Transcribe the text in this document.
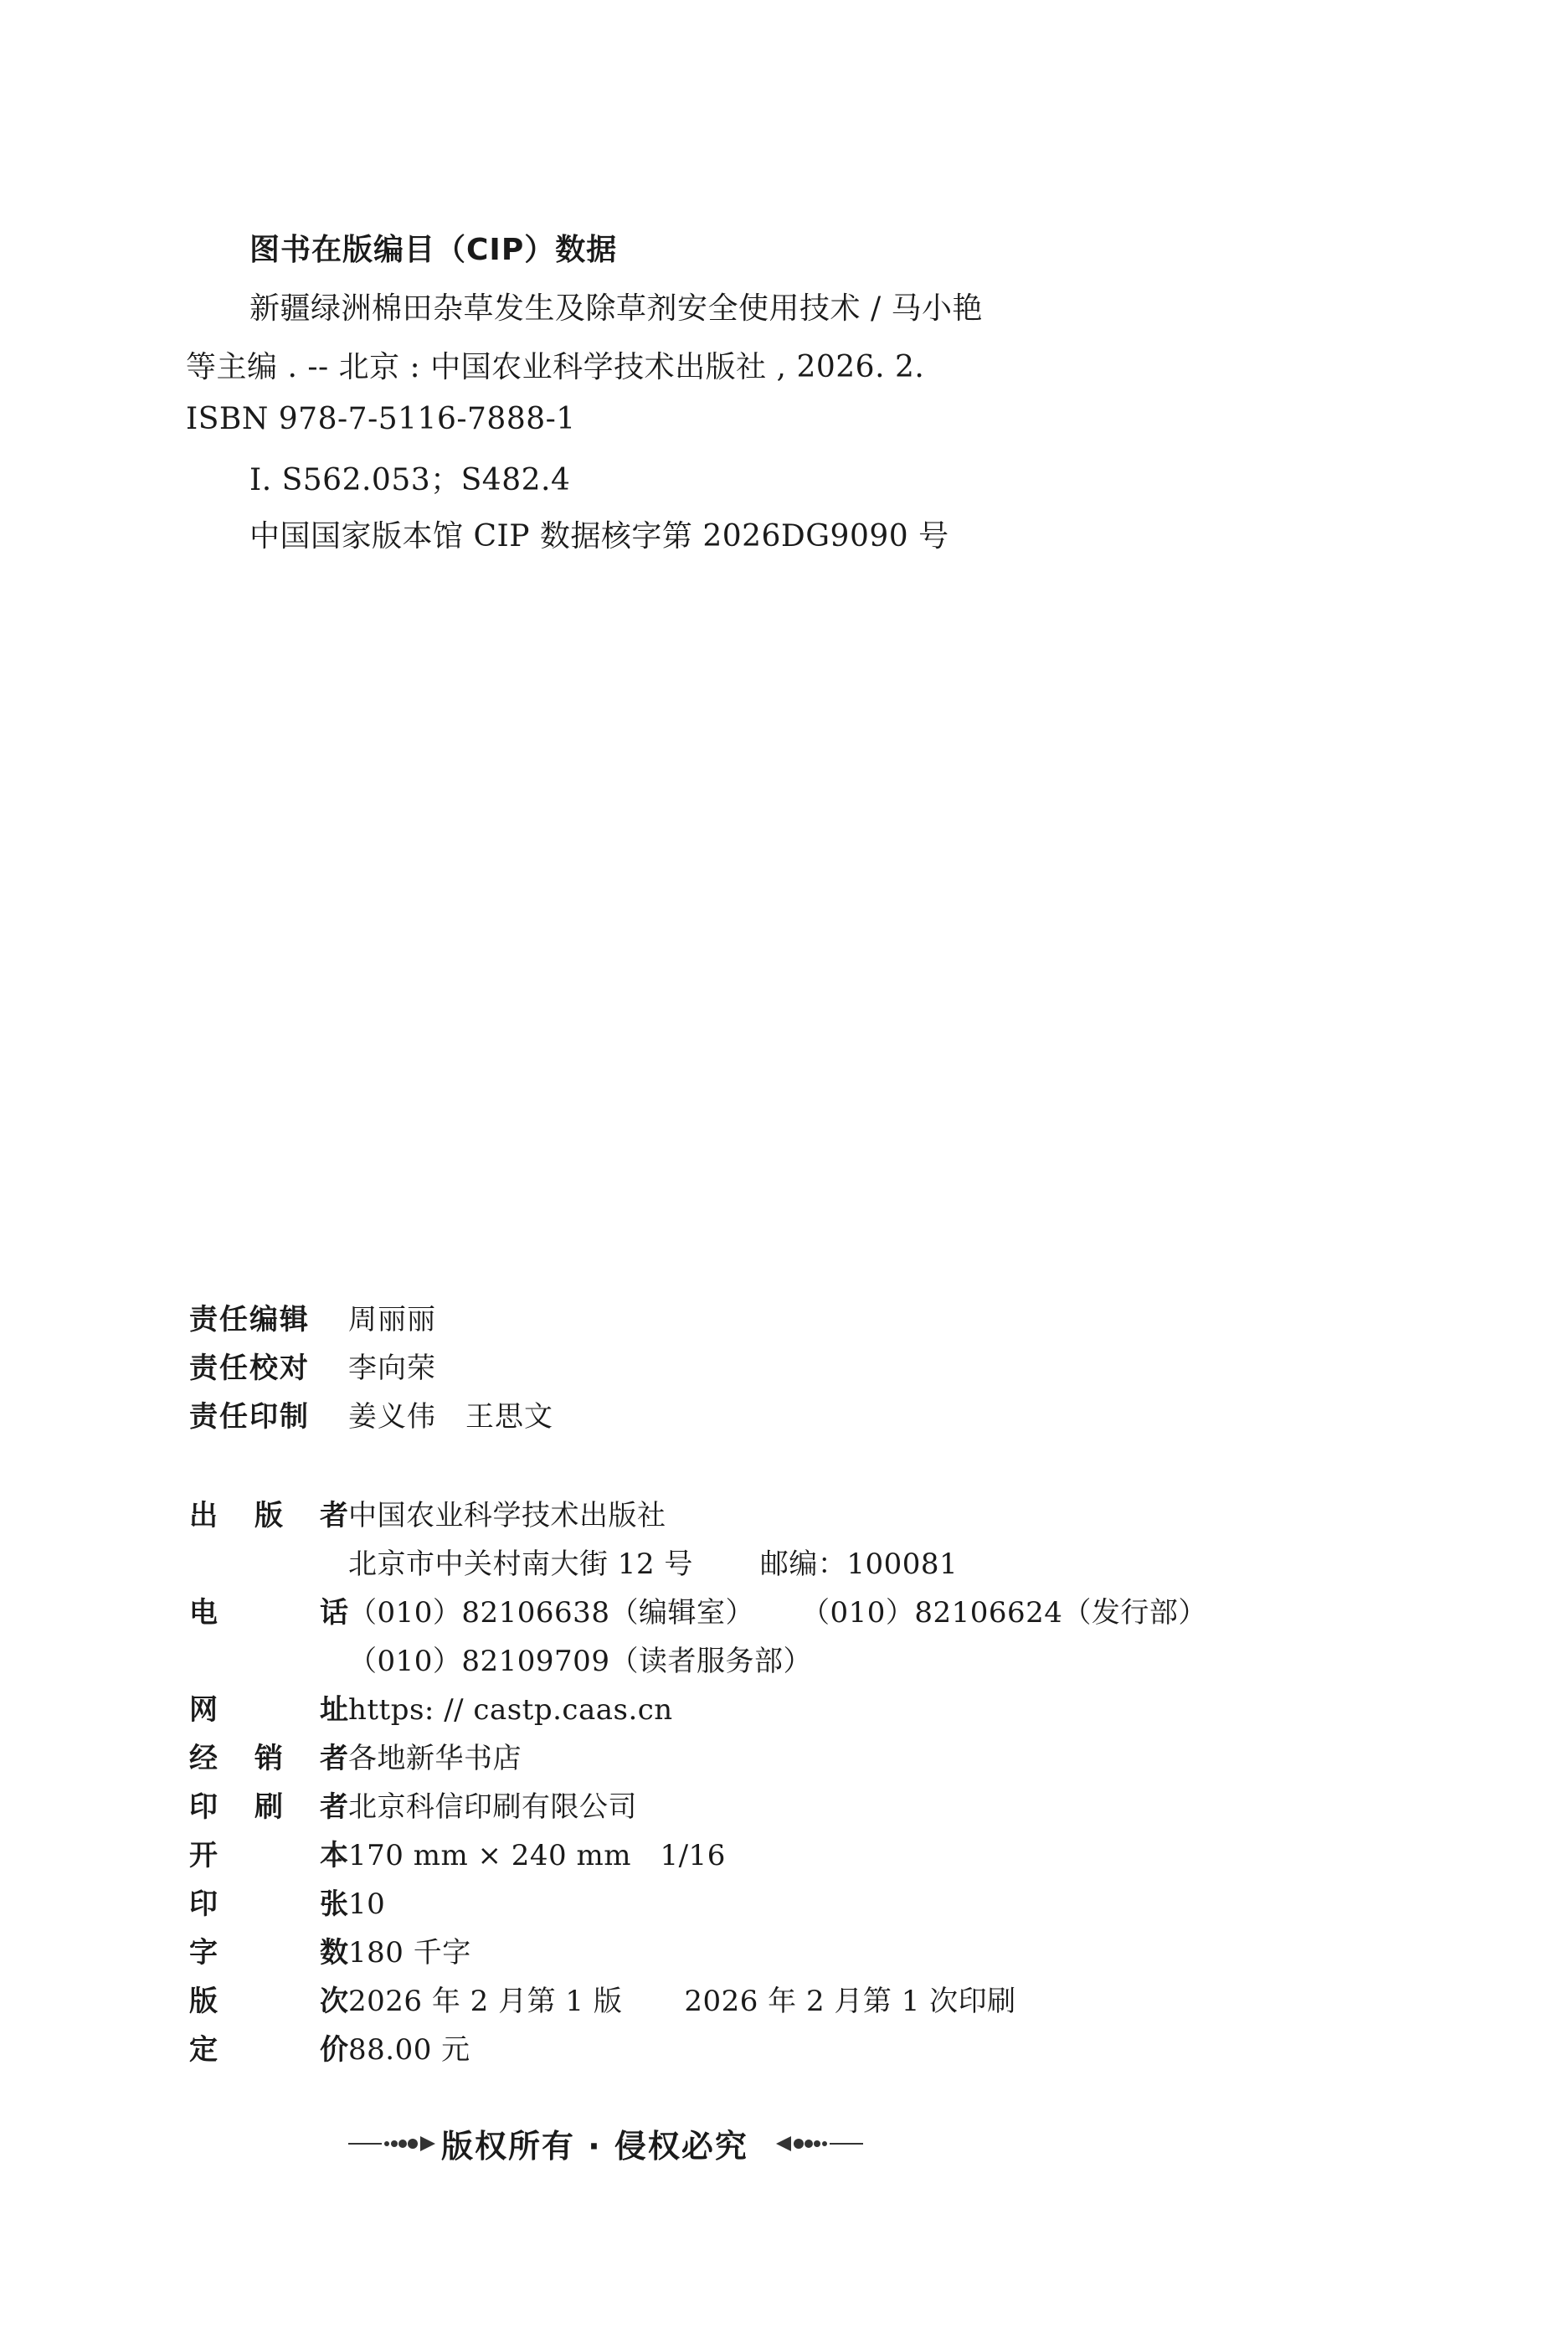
图书在版编目（CIP）数据
新疆绿洲棉田杂草发生及除草剂安全使用技术 / 马小艳
等主编 . -- 北京 : 中国农业科学技术出版社 , 2026. 2.
ISBN 978-7-5116-7888-1
Ⅰ. S562.053；S482.4
中国国家版本馆 CIP 数据核字第 2026DG9090 号
责任编辑 周丽丽
责任校对 李向荣
责任印制 姜义伟　王思文
出 版 者中国农业科学技术出版社
北京市中关村南大街 12 号 邮编：100081
电　　话（010）82106638（编辑室） （010）82106624（发行部）
（010）82109709（读者服务部）
网　　址https: // castp.caas.cn
经 销 者各地新华书店
印 刷 者北京科信印刷有限公司
开　　本170 mm × 240 mm　1/16
印　　张10
字　　数180 千字
版　　次2026 年 2 月第 1 版 2026 年 2 月第 1 次印刷
定　　价88.00 元
版权所有 · 侵权必究
